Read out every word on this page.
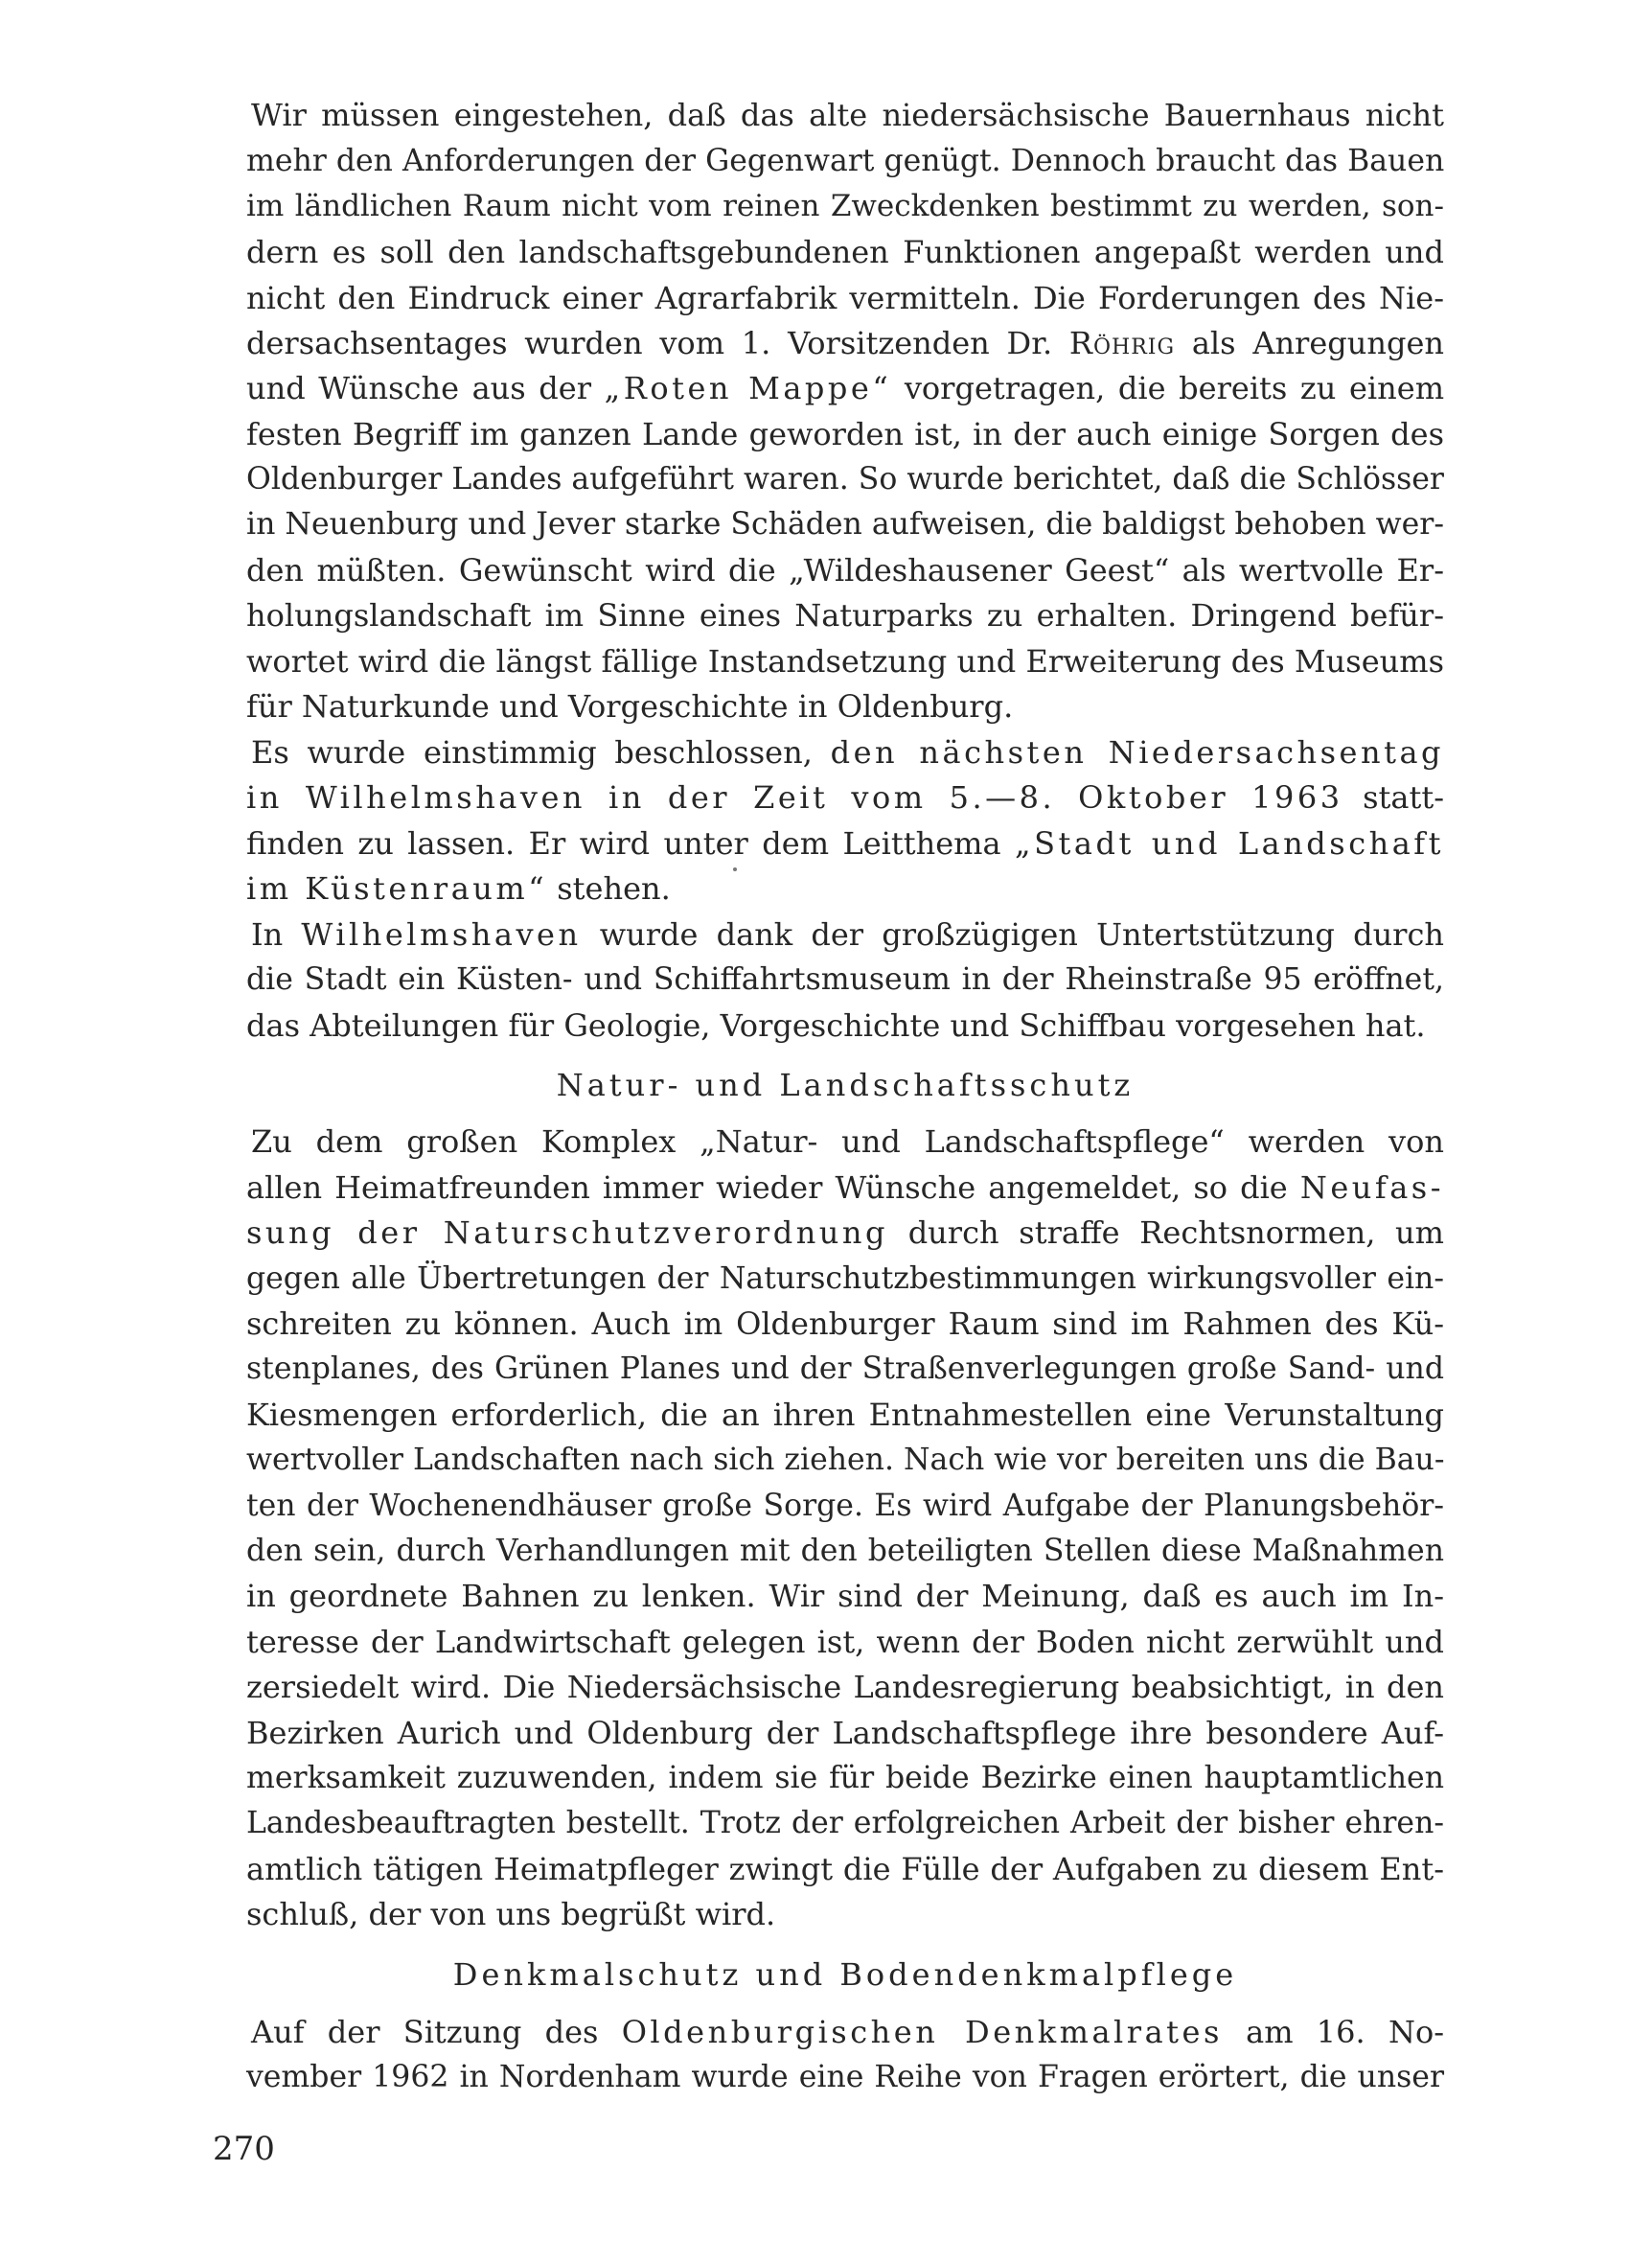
Wir müssen eingestehen, daß das alte niedersächsische Bauernhaus nicht
mehr den Anforderungen der Gegenwart genügt. Dennoch braucht das Bauen
im ländlichen Raum nicht vom reinen Zweckdenken bestimmt zu werden, son-
dern es soll den landschaftsgebundenen Funktionen angepaßt werden und
nicht den Eindruck einer Agrarfabrik vermitteln. Die Forderungen des Nie-
dersachsentages wurden vom 1. Vorsitzenden Dr. Röhrig als Anregungen
und Wünsche aus der „Roten Mappe“ vorgetragen, die bereits zu einem
festen Begriff im ganzen Lande geworden ist, in der auch einige Sorgen des
Oldenburger Landes aufgeführt waren. So wurde berichtet, daß die Schlösser
in Neuenburg und Jever starke Schäden aufweisen, die baldigst behoben wer-
den müßten. Gewünscht wird die „Wildeshausener Geest“ als wertvolle Er-
holungslandschaft im Sinne eines Naturparks zu erhalten. Dringend befür-
wortet wird die längst fällige Instandsetzung und Erweiterung des Museums
für Naturkunde und Vorgeschichte in Oldenburg.
Es wurde einstimmig beschlossen, den nächsten Niedersachsentag
in Wilhelmshaven in der Zeit vom 5.—8. Oktober 1963 statt-
finden zu lassen. Er wird unter dem Leitthema „Stadt und Landschaft
im Küstenraum“ stehen.
In Wilhelmshaven wurde dank der großzügigen Untertstützung durch
die Stadt ein Küsten- und Schiffahrtsmuseum in der Rheinstraße 95 eröffnet,
das Abteilungen für Geologie, Vorgeschichte und Schiffbau vorgesehen hat.
Natur- und Landschaftsschutz
Zu dem großen Komplex „Natur- und Landschaftspflege“ werden von
allen Heimatfreunden immer wieder Wünsche angemeldet, so die Neufas-
sung der Naturschutzverordnung durch straffe Rechtsnormen, um
gegen alle Übertretungen der Naturschutzbestimmungen wirkungsvoller ein-
schreiten zu können. Auch im Oldenburger Raum sind im Rahmen des Kü-
stenplanes, des Grünen Planes und der Straßenverlegungen große Sand- und
Kiesmengen erforderlich, die an ihren Entnahmestellen eine Verunstaltung
wertvoller Landschaften nach sich ziehen. Nach wie vor bereiten uns die Bau-
ten der Wochenendhäuser große Sorge. Es wird Aufgabe der Planungsbehör-
den sein, durch Verhandlungen mit den beteiligten Stellen diese Maßnahmen
in geordnete Bahnen zu lenken. Wir sind der Meinung, daß es auch im In-
teresse der Landwirtschaft gelegen ist, wenn der Boden nicht zerwühlt und
zersiedelt wird. Die Niedersächsische Landesregierung beabsichtigt, in den
Bezirken Aurich und Oldenburg der Landschaftspflege ihre besondere Auf-
merksamkeit zuzuwenden, indem sie für beide Bezirke einen hauptamtlichen
Landesbeauftragten bestellt. Trotz der erfolgreichen Arbeit der bisher ehren-
amtlich tätigen Heimatpfleger zwingt die Fülle der Aufgaben zu diesem Ent-
schluß, der von uns begrüßt wird.
Denkmalschutz und Bodendenkmalpflege
Auf der Sitzung des Oldenburgischen Denkmalrates am 16. No-
vember 1962 in Nordenham wurde eine Reihe von Fragen erörtert, die unser
270
